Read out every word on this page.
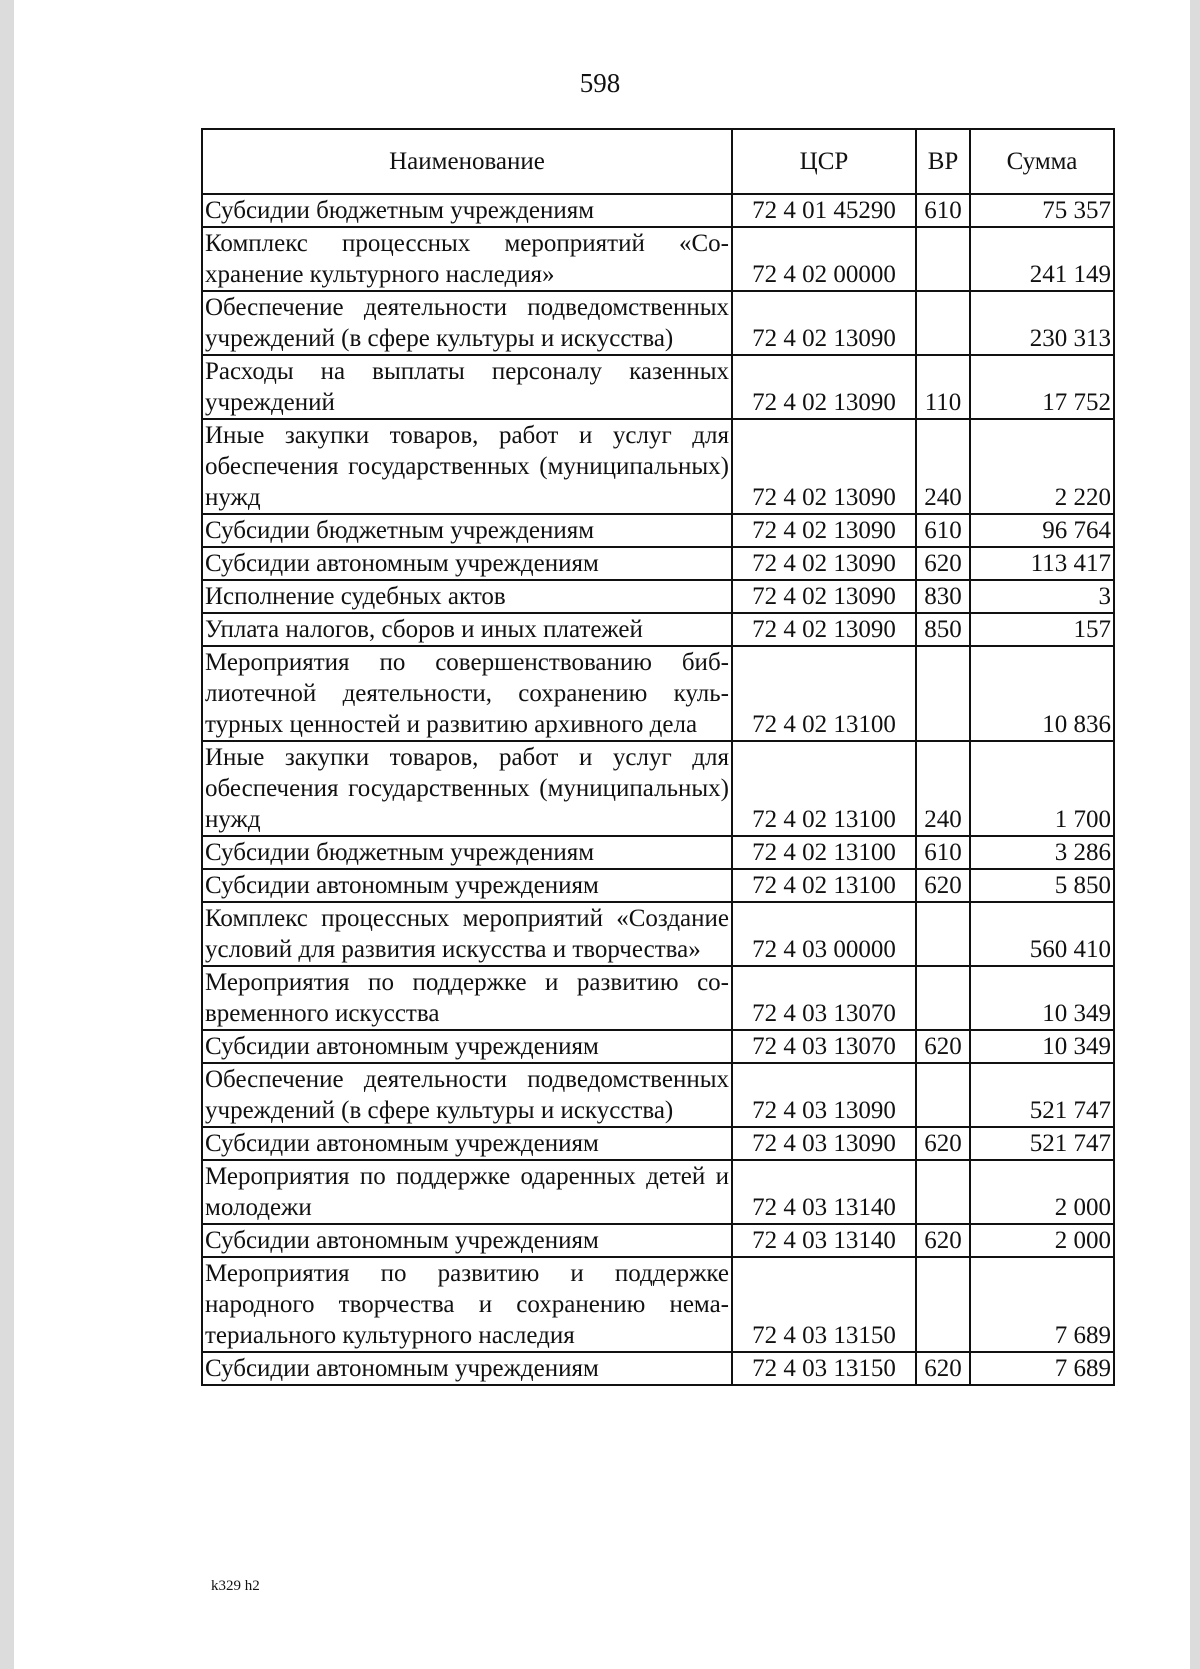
598
Наименование	ЦСР	ВР	Сумма
Субсидии бюджетным учреждениям	72 4 01 45290	610	75 357
Комплекс процессных мероприятий «Сохранение культурного наследия»	72 4 02 00000		241 149
Обеспечение деятельности подведомственных учреждений (в сфере культуры и искусства)	72 4 02 13090		230 313
Расходы на выплаты персоналу казенных учреждений	72 4 02 13090	110	17 752
Иные закупки товаров, работ и услуг для обеспечения государственных (муниципальных) нужд	72 4 02 13090	240	2 220
Субсидии бюджетным учреждениям	72 4 02 13090	610	96 764
Субсидии автономным учреждениям	72 4 02 13090	620	113 417
Исполнение судебных актов	72 4 02 13090	830	3
Уплата налогов, сборов и иных платежей	72 4 02 13090	850	157
Мероприятия по совершенствованию библиотечной деятельности, сохранению культурных ценностей и развитию архивного дела	72 4 02 13100		10 836
Иные закупки товаров, работ и услуг для обеспечения государственных (муниципальных) нужд	72 4 02 13100	240	1 700
Субсидии бюджетным учреждениям	72 4 02 13100	610	3 286
Субсидии автономным учреждениям	72 4 02 13100	620	5 850
Комплекс процессных мероприятий «Создание условий для развития искусства и творчества»	72 4 03 00000		560 410
Мероприятия по поддержке и развитию современного искусства	72 4 03 13070		10 349
Субсидии автономным учреждениям	72 4 03 13070	620	10 349
Обеспечение деятельности подведомственных учреждений (в сфере культуры и искусства)	72 4 03 13090		521 747
Субсидии автономным учреждениям	72 4 03 13090	620	521 747
Мероприятия по поддержке одаренных детей и молодежи	72 4 03 13140		2 000
Субсидии автономным учреждениям	72 4 03 13140	620	2 000
Мероприятия по развитию и поддержке народного творчества и сохранению нематериального культурного наследия	72 4 03 13150		7 689
Субсидии автономным учреждениям	72 4 03 13150	620	7 689
k329 h2
